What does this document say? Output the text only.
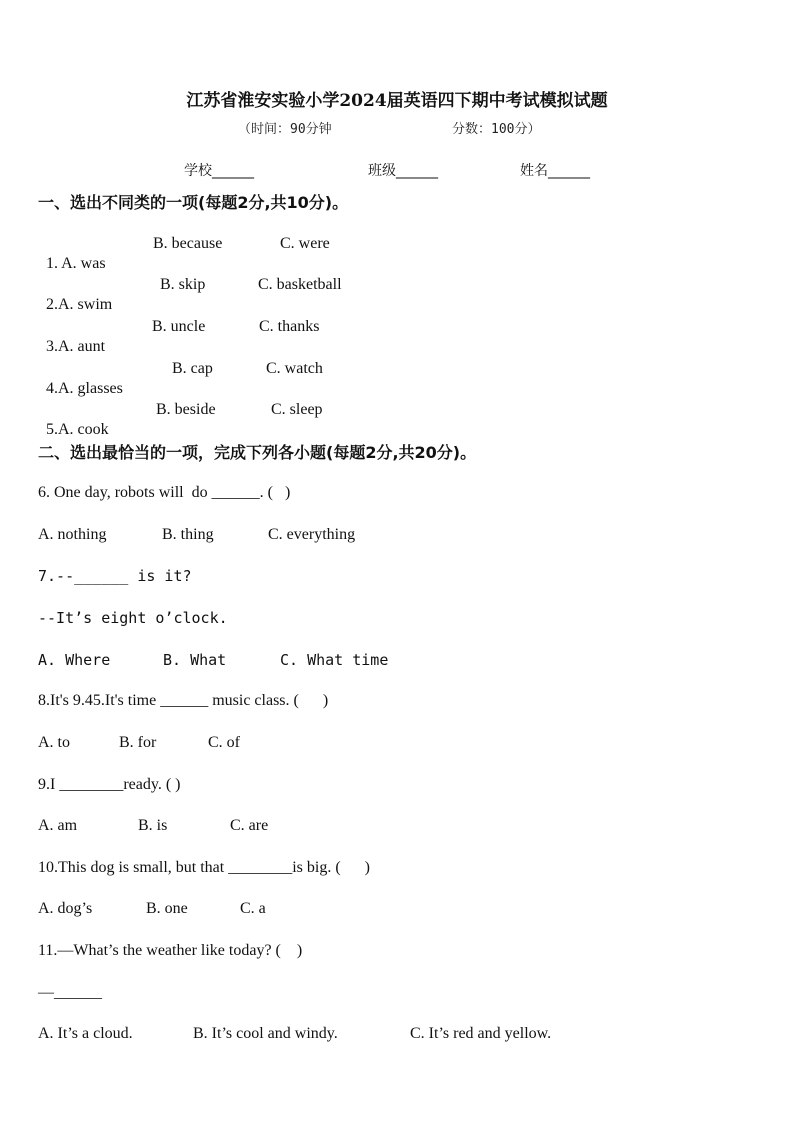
江苏省淮安实验小学2024届英语四下期中考试模拟试题
（时间：90分钟	分数：100分）
学校______	班级______	姓名______
一、选出不同类的一项(每题2分,共10分)。

1. A. was

B. because	C. were

2.A. swim

B. skip	C. basketball

3.A. aunt

B. uncle	C. thanks

4.A. glasses

B. cap	C. watch

5.A. cook

B. beside	C. sleep
二、选出最恰当的一项，完成下列各小题(每题2分,共20分)。
6. One day, robots will  do ______. (   )
A. nothing	B. thing	C. everything
7.--______ is it?
--It’s eight o’clock.
A. Where	B. What	C. What time
8.It's 9.45.It's time ______ music class. (      )
A. to	B. for	C. of
9.I ________ready. ( )
A. am	B. is	C. are
10.This dog is small, but that ________is big. (      )
A. dog’s	B. one	C. a
11.—What’s the weather like today? (    )
—______
A. It’s a cloud.	B. It’s cool and windy.	C. It’s red and yellow.
